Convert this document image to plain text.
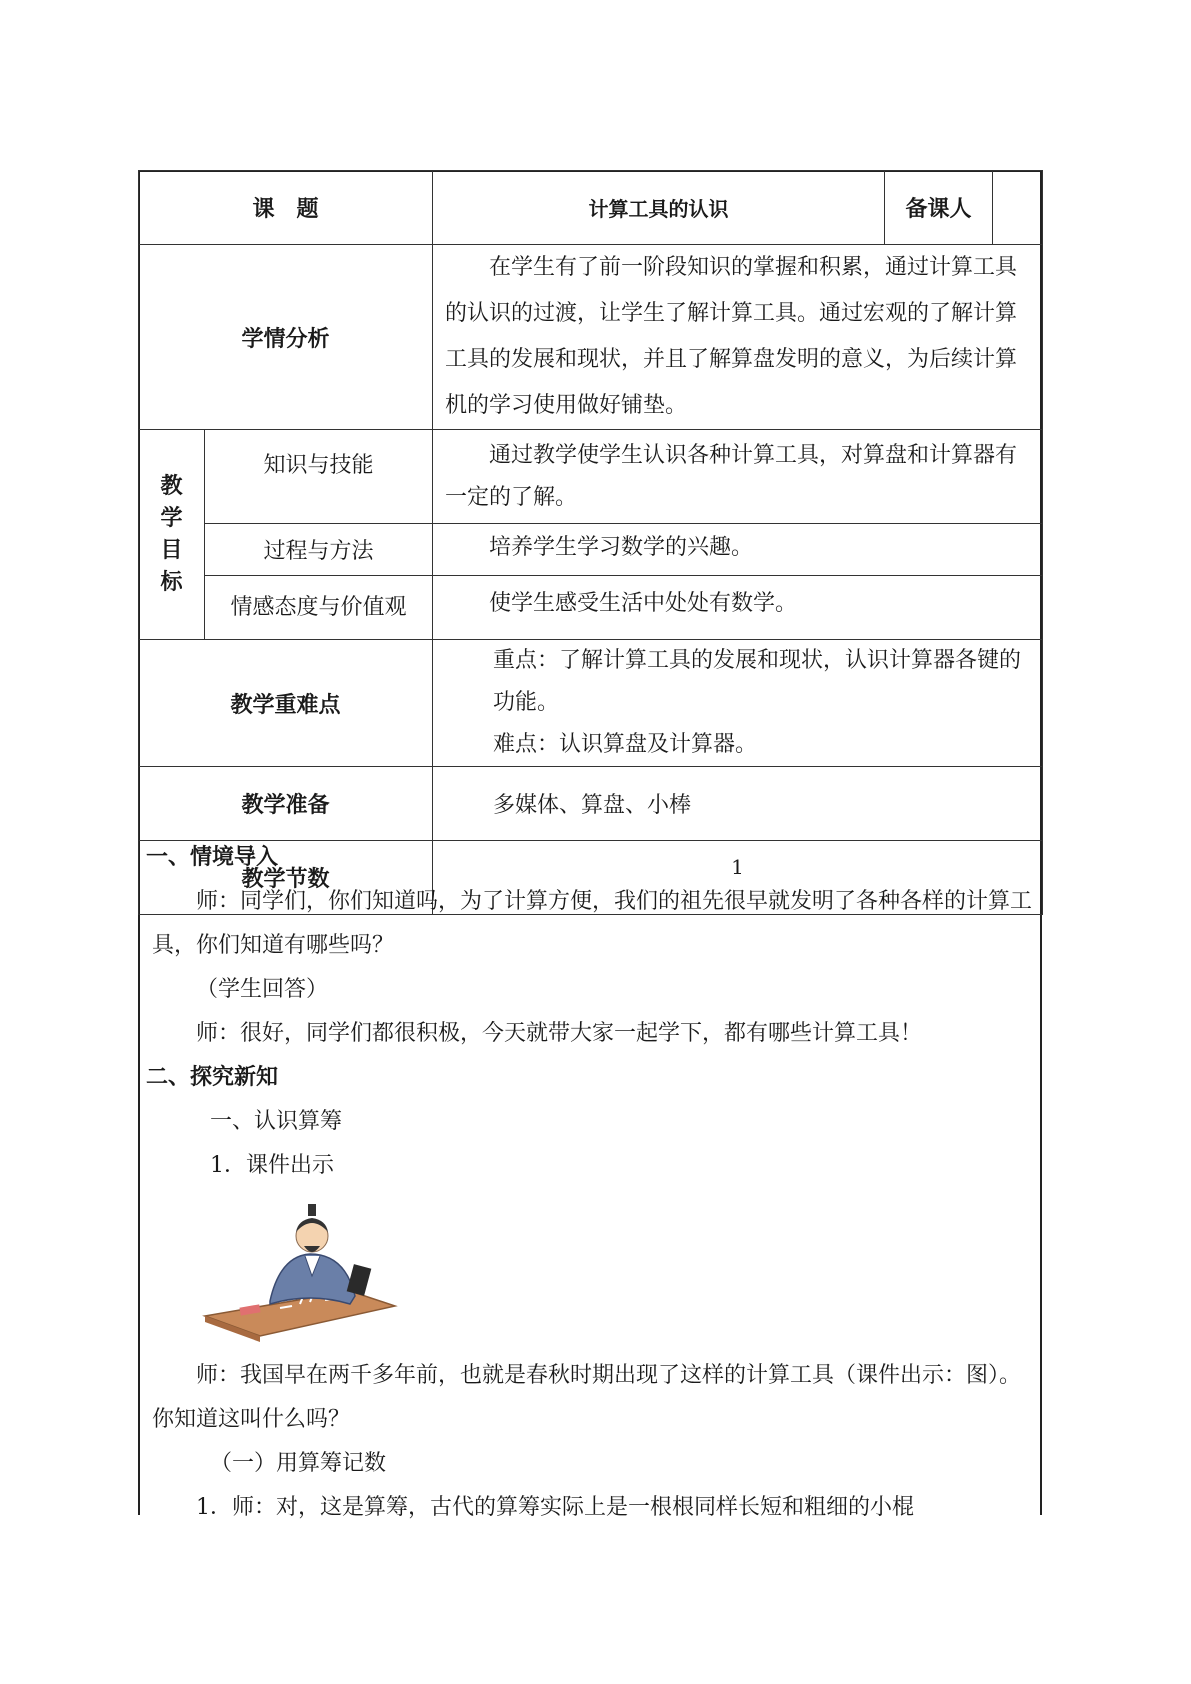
课　题		计算工具的认识	备课人	
学情分析		在学生有了前一阶段知识的掌握和积累，通过计算工具的认识的过渡，让学生了解计算工具。通过宏观的了解计算工具的发展和现状，并且了解算盘发明的意义，为后续计算机的学习使用做好铺垫。		

教
学
目
标	知识与技能	通过教学使学生认识各种计算工具，对算盘和计算器有一定的了解。		
	过程与方法	培养学生学习数学的兴趣。		
	情感态度与价值观	使学生感受生活中处处有数学。		
教学重难点		重点：了解计算工具的发展和现状，认识计算器各键的功能。
难点：认识算盘及计算器。		

教学准备		多媒体、算盘、小棒		
教学节数		1		

一、情境导入

师：同学们，你们知道吗，为了计算方便，我们的祖先很早就发明了各种各样的计算工具，你们知道有哪些吗？

（学生回答）

师：很好，同学们都很积极，今天就带大家一起学下，都有哪些计算工具！

二、探究新知

一、认识算筹

1．课件出示

师：我国早在两千多年前，也就是春秋时期出现了这样的计算工具（课件出示：图）。你知道这叫什么吗？

（一）用算筹记数

1．师：对，这是算筹，古代的算筹实际上是一根根同样长短和粗细的小棍
